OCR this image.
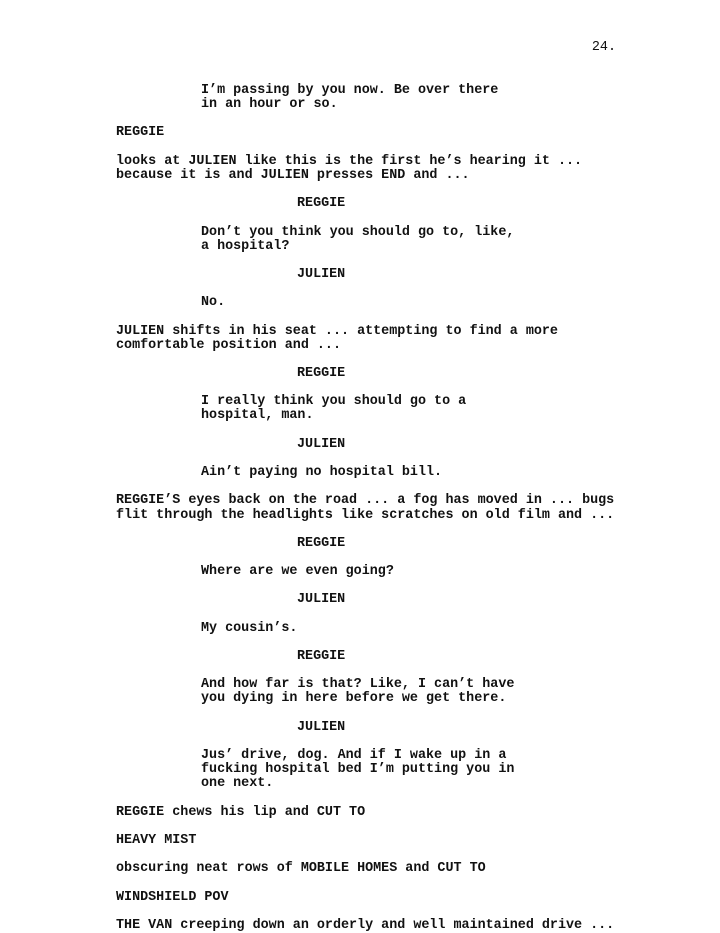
24.
I’m passing by you now. Be over there
in an hour or so.
REGGIE
looks at JULIEN like this is the first he’s hearing it ...
because it is and JULIEN presses END and ...
REGGIE
Don’t you think you should go to, like,
a hospital?
JULIEN
No.
JULIEN shifts in his seat ... attempting to find a more
comfortable position and ...
REGGIE
I really think you should go to a
hospital, man.
JULIEN
Ain’t paying no hospital bill.
REGGIE’S eyes back on the road ... a fog has moved in ... bugs
flit through the headlights like scratches on old film and ...
REGGIE
Where are we even going?
JULIEN
My cousin’s.
REGGIE
And how far is that? Like, I can’t have
you dying in here before we get there.
JULIEN
Jus’ drive, dog. And if I wake up in a
fucking hospital bed I’m putting you in
one next.
REGGIE chews his lip and CUT TO
HEAVY MIST
obscuring neat rows of MOBILE HOMES and CUT TO
WINDSHIELD POV
THE VAN creeping down an orderly and well maintained drive ...
